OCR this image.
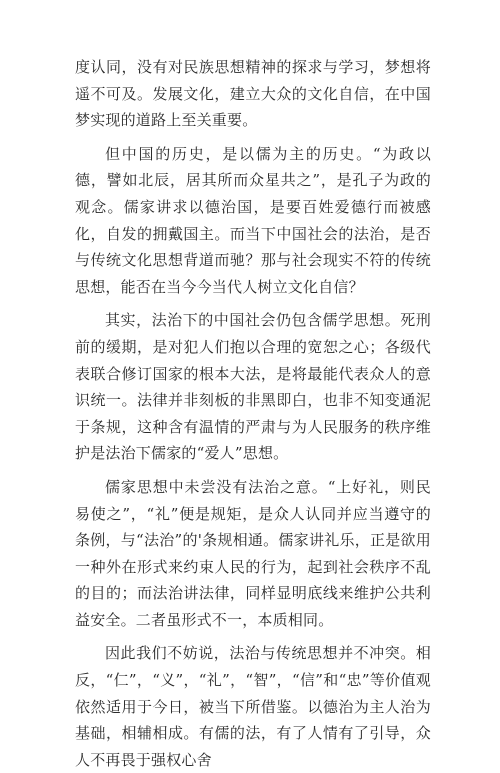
度认同，没有对民族思想精神的探求与学习，梦想将遥不可及。发展文化，建立大众的文化自信，在中国梦实现的道路上至关重要。

但中国的历史，是以儒为主的历史。“为政以德，譬如北辰，居其所而众星共之”，是孔子为政的观念。儒家讲求以德治国，是要百姓爱德行而被感化，自发的拥戴国主。而当下中国社会的法治，是否与传统文化思想背道而驰？那与社会现实不符的传统思想，能否在当今今当代人树立文化自信？

其实，法治下的中国社会仍包含儒学思想。死刑前的缓期，是对犯人们抱以合理的宽恕之心；各级代表联合修订国家的根本大法，是将最能代表众人的意识统一。法律并非刻板的非黑即白，也非不知变通泥于条规，这种含有温情的严肃与为人民服务的秩序维护是法治下儒家的“爱人”思想。

儒家思想中未尝没有法治之意。“上好礼，则民易使之”，“礼”便是规矩，是众人认同并应当遵守的条例，与“法治”的'条规相通。儒家讲礼乐，正是欲用一种外在形式来约束人民的行为，起到社会秩序不乱的目的；而法治讲法律，同样显明底线来维护公共利益安全。二者虽形式不一，本质相同。

因此我们不妨说，法治与传统思想并不冲突。相反，“仁”，“义”，“礼”，“智”，“信”和“忠”等价值观依然适用于今日，被当下所借鉴。以德治为主人治为基础，相辅相成。有儒的法，有了人情有了引导，众人不再畏于强权心舍
